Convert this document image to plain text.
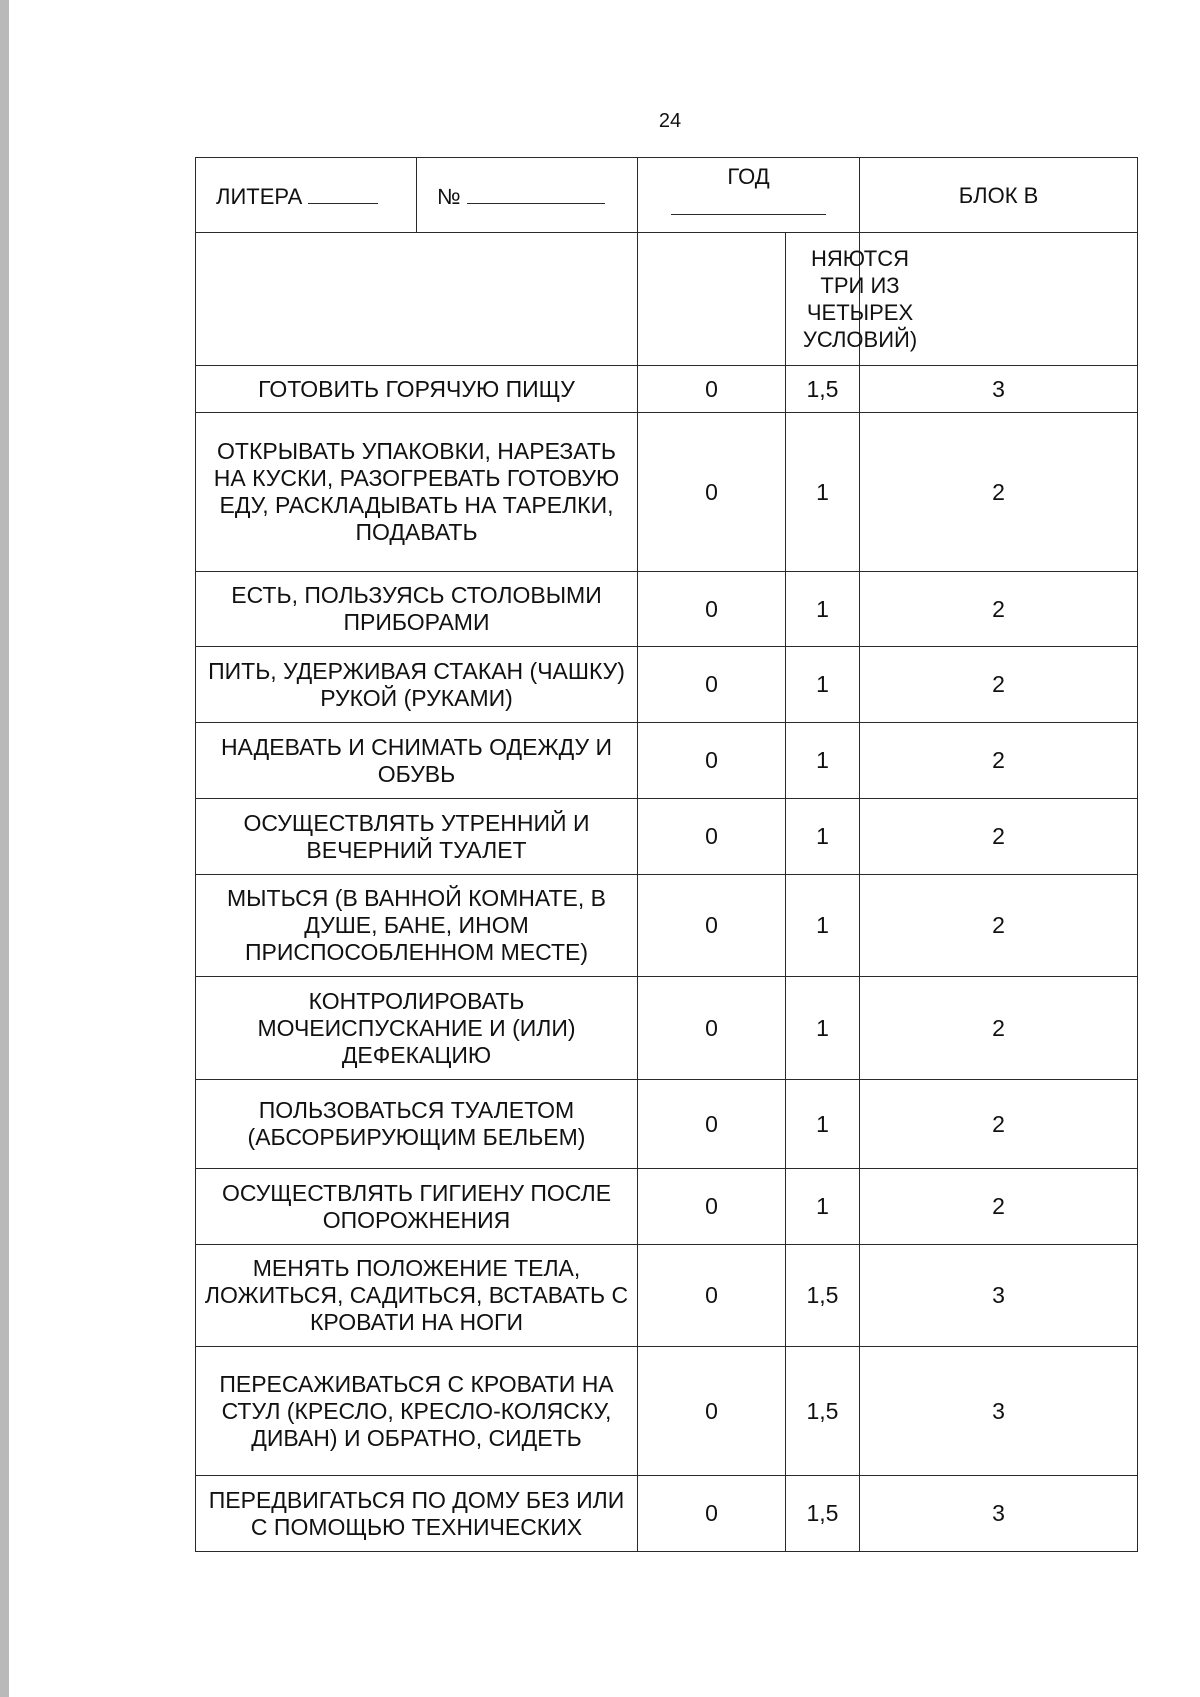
24
ЛИТЕРА	№	ГОД		БЛОК В

			НЯЮТСЯ ТРИ ИЗ ЧЕТЫРЕХ УСЛОВИЙ)	

ГОТОВИТЬ ГОРЯЧУЮ ПИЩУ		0	1,5	3
ОТКРЫВАТЬ УПАКОВКИ, НАРЕЗАТЬ НА КУСКИ, РАЗОГРЕВАТЬ ГОТОВУЮ ЕДУ, РАСКЛАДЫВАТЬ НА ТАРЕЛКИ, ПОДАВАТЬ		0	1	2
ЕСТЬ, ПОЛЬЗУЯСЬ СТОЛОВЫМИ ПРИБОРАМИ		0	1	2
ПИТЬ, УДЕРЖИВАЯ СТАКАН (ЧАШКУ) РУКОЙ (РУКАМИ)		0	1	2
НАДЕВАТЬ И СНИМАТЬ ОДЕЖДУ И ОБУВЬ		0	1	2
ОСУЩЕСТВЛЯТЬ УТРЕННИЙ И ВЕЧЕРНИЙ ТУАЛЕТ		0	1	2
МЫТЬСЯ (В ВАННОЙ КОМНАТЕ, В ДУШЕ, БАНЕ, ИНОМ ПРИСПОСОБЛЕННОМ МЕСТЕ)		0	1	2
КОНТРОЛИРОВАТЬ МОЧЕИСПУСКАНИЕ И (ИЛИ) ДЕФЕКАЦИЮ		0	1	2
ПОЛЬЗОВАТЬСЯ ТУАЛЕТОМ (АБСОРБИРУЮЩИМ БЕЛЬЕМ)		0	1	2
ОСУЩЕСТВЛЯТЬ ГИГИЕНУ ПОСЛЕ ОПОРОЖНЕНИЯ		0	1	2
МЕНЯТЬ ПОЛОЖЕНИЕ ТЕЛА, ЛОЖИТЬСЯ, САДИТЬСЯ, ВСТАВАТЬ С КРОВАТИ НА НОГИ		0	1,5	3
ПЕРЕСАЖИВАТЬСЯ С КРОВАТИ НА СТУЛ (КРЕСЛО, КРЕСЛО-КОЛЯСКУ, ДИВАН) И ОБРАТНО, СИДЕТЬ		0	1,5	3
ПЕРЕДВИГАТЬСЯ ПО ДОМУ БЕЗ ИЛИ С ПОМОЩЬЮ ТЕХНИЧЕСКИХ		0	1,5	3
